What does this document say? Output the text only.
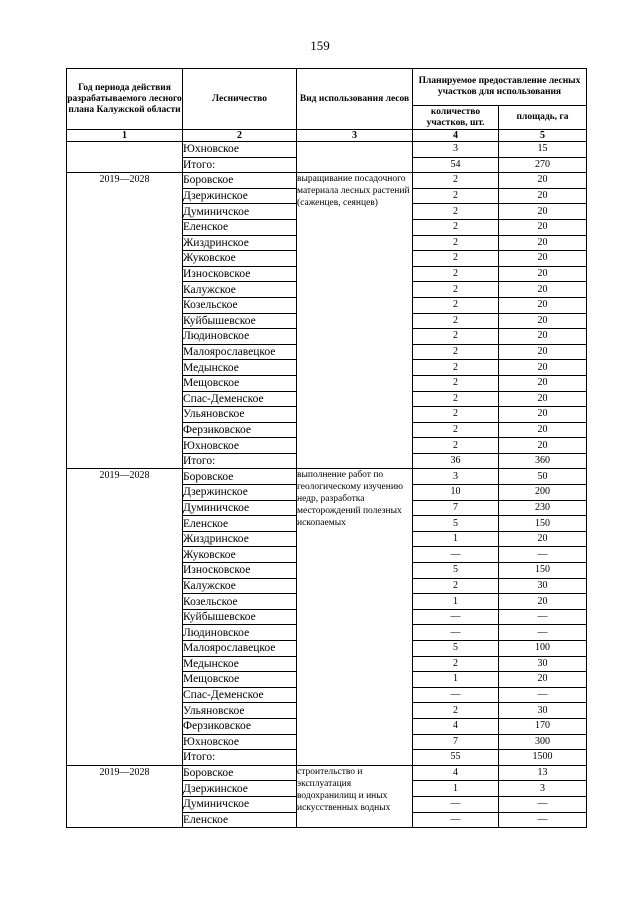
159
Год периода действия разрабатываемого лесного плана Калужской области	Лесничество	Вид использования лесов	Планируемое предоставление лесных участков для использования	
			количество участков, шт.	площадь, га
1	2	3	4	5
	Юхновское		3	15
	Итого:		54	270
2019—2028	Боровское	выращивание посадочного материала лесных растений (саженцев, сеянцев)	2	20
	Дзержинское		2	20
	Думиничское		2	20
	Еленское		2	20
	Жиздринское		2	20
	Жуковское		2	20
	Износковское		2	20
	Калужское		2	20
	Козельское		2	20
	Куйбышевское		2	20
	Людиновское		2	20
	Малоярославецкое		2	20
	Медынское		2	20
	Мещовское		2	20
	Спас-Деменское		2	20
	Ульяновское		2	20
	Ферзиковское		2	20
	Юхновское		2	20
	Итого:		36	360
2019—2028	Боровское	выполнение работ по геологическому изучению недр, разработка месторождений полезных ископаемых	3	50
	Дзержинское		10	200
	Думиничское		7	230
	Еленское		5	150
	Жиздринское		1	20
	Жуковское		—	—
	Износковское		5	150
	Калужское		2	30
	Козельское		1	20
	Куйбышевское		—	—
	Людиновское		—	—
	Малоярославецкое		5	100
	Медынское		2	30
	Мещовское		1	20
	Спас-Деменское		—	—
	Ульяновское		2	30
	Ферзиковское		4	170
	Юхновское		7	300
	Итого:		55	1500
2019—2028	Боровское	строительство и эксплуатация водохранилищ и иных искусственных водных	4	13
	Дзержинское		1	3
	Думиничское		—	—
	Еленское		—	—
